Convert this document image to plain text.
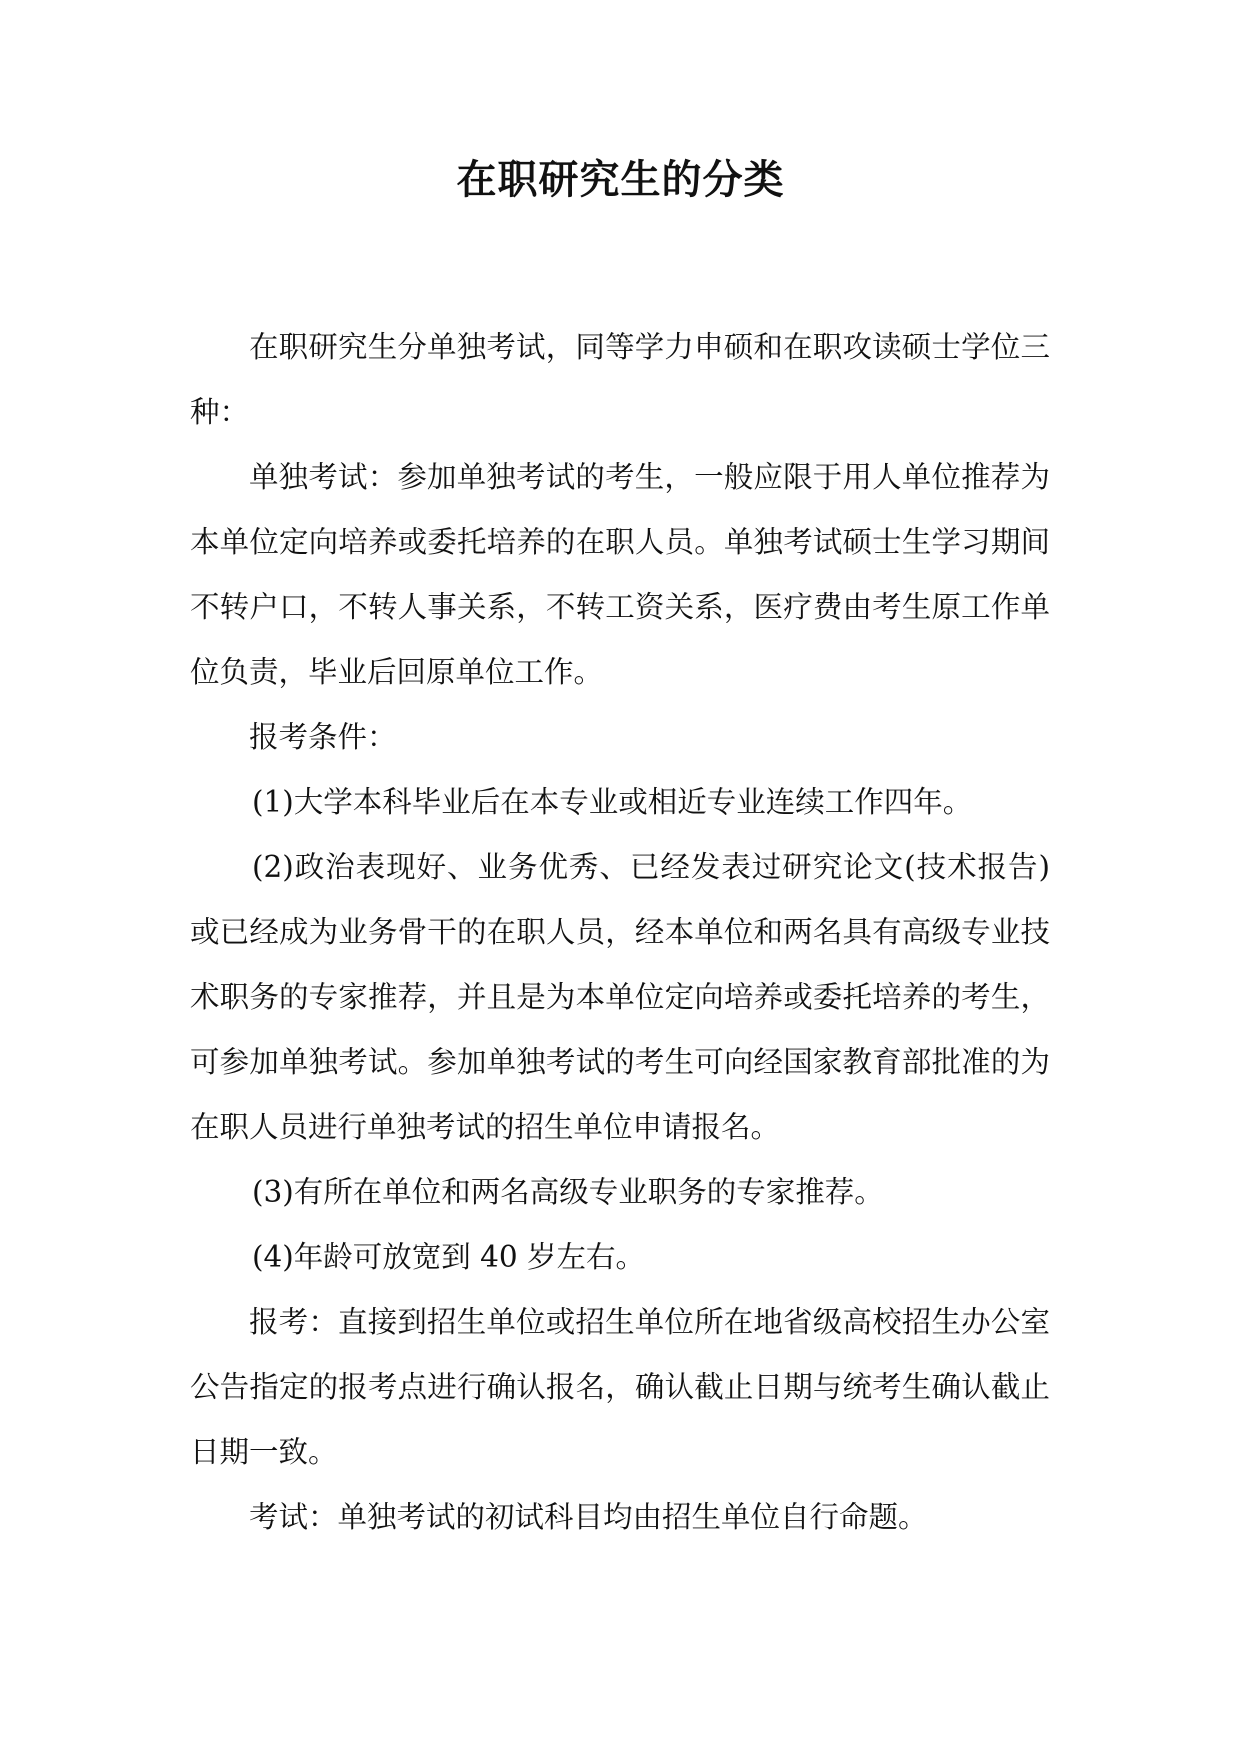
在职研究生的分类

在职研究生分单独考试，同等学力申硕和在职攻读硕士学位三种：

单独考试：参加单独考试的考生，一般应限于用人单位推荐为本单位定向培养或委托培养的在职人员。单独考试硕士生学习期间不转户口，不转人事关系，不转工资关系，医疗费由考生原工作单位负责，毕业后回原单位工作。

报考条件：

(1)大学本科毕业后在本专业或相近专业连续工作四年。

(2)政治表现好、业务优秀、已经发表过研究论文(技术报告)或已经成为业务骨干的在职人员，经本单位和两名具有高级专业技术职务的专家推荐，并且是为本单位定向培养或委托培养的考生，可参加单独考试。参加单独考试的考生可向经国家教育部批准的为在职人员进行单独考试的招生单位申请报名。

(3)有所在单位和两名高级专业职务的专家推荐。

(4)年龄可放宽到 40 岁左右。

报考：直接到招生单位或招生单位所在地省级高校招生办公室公告指定的报考点进行确认报名，确认截止日期与统考生确认截止日期一致。

考试：单独考试的初试科目均由招生单位自行命题。
